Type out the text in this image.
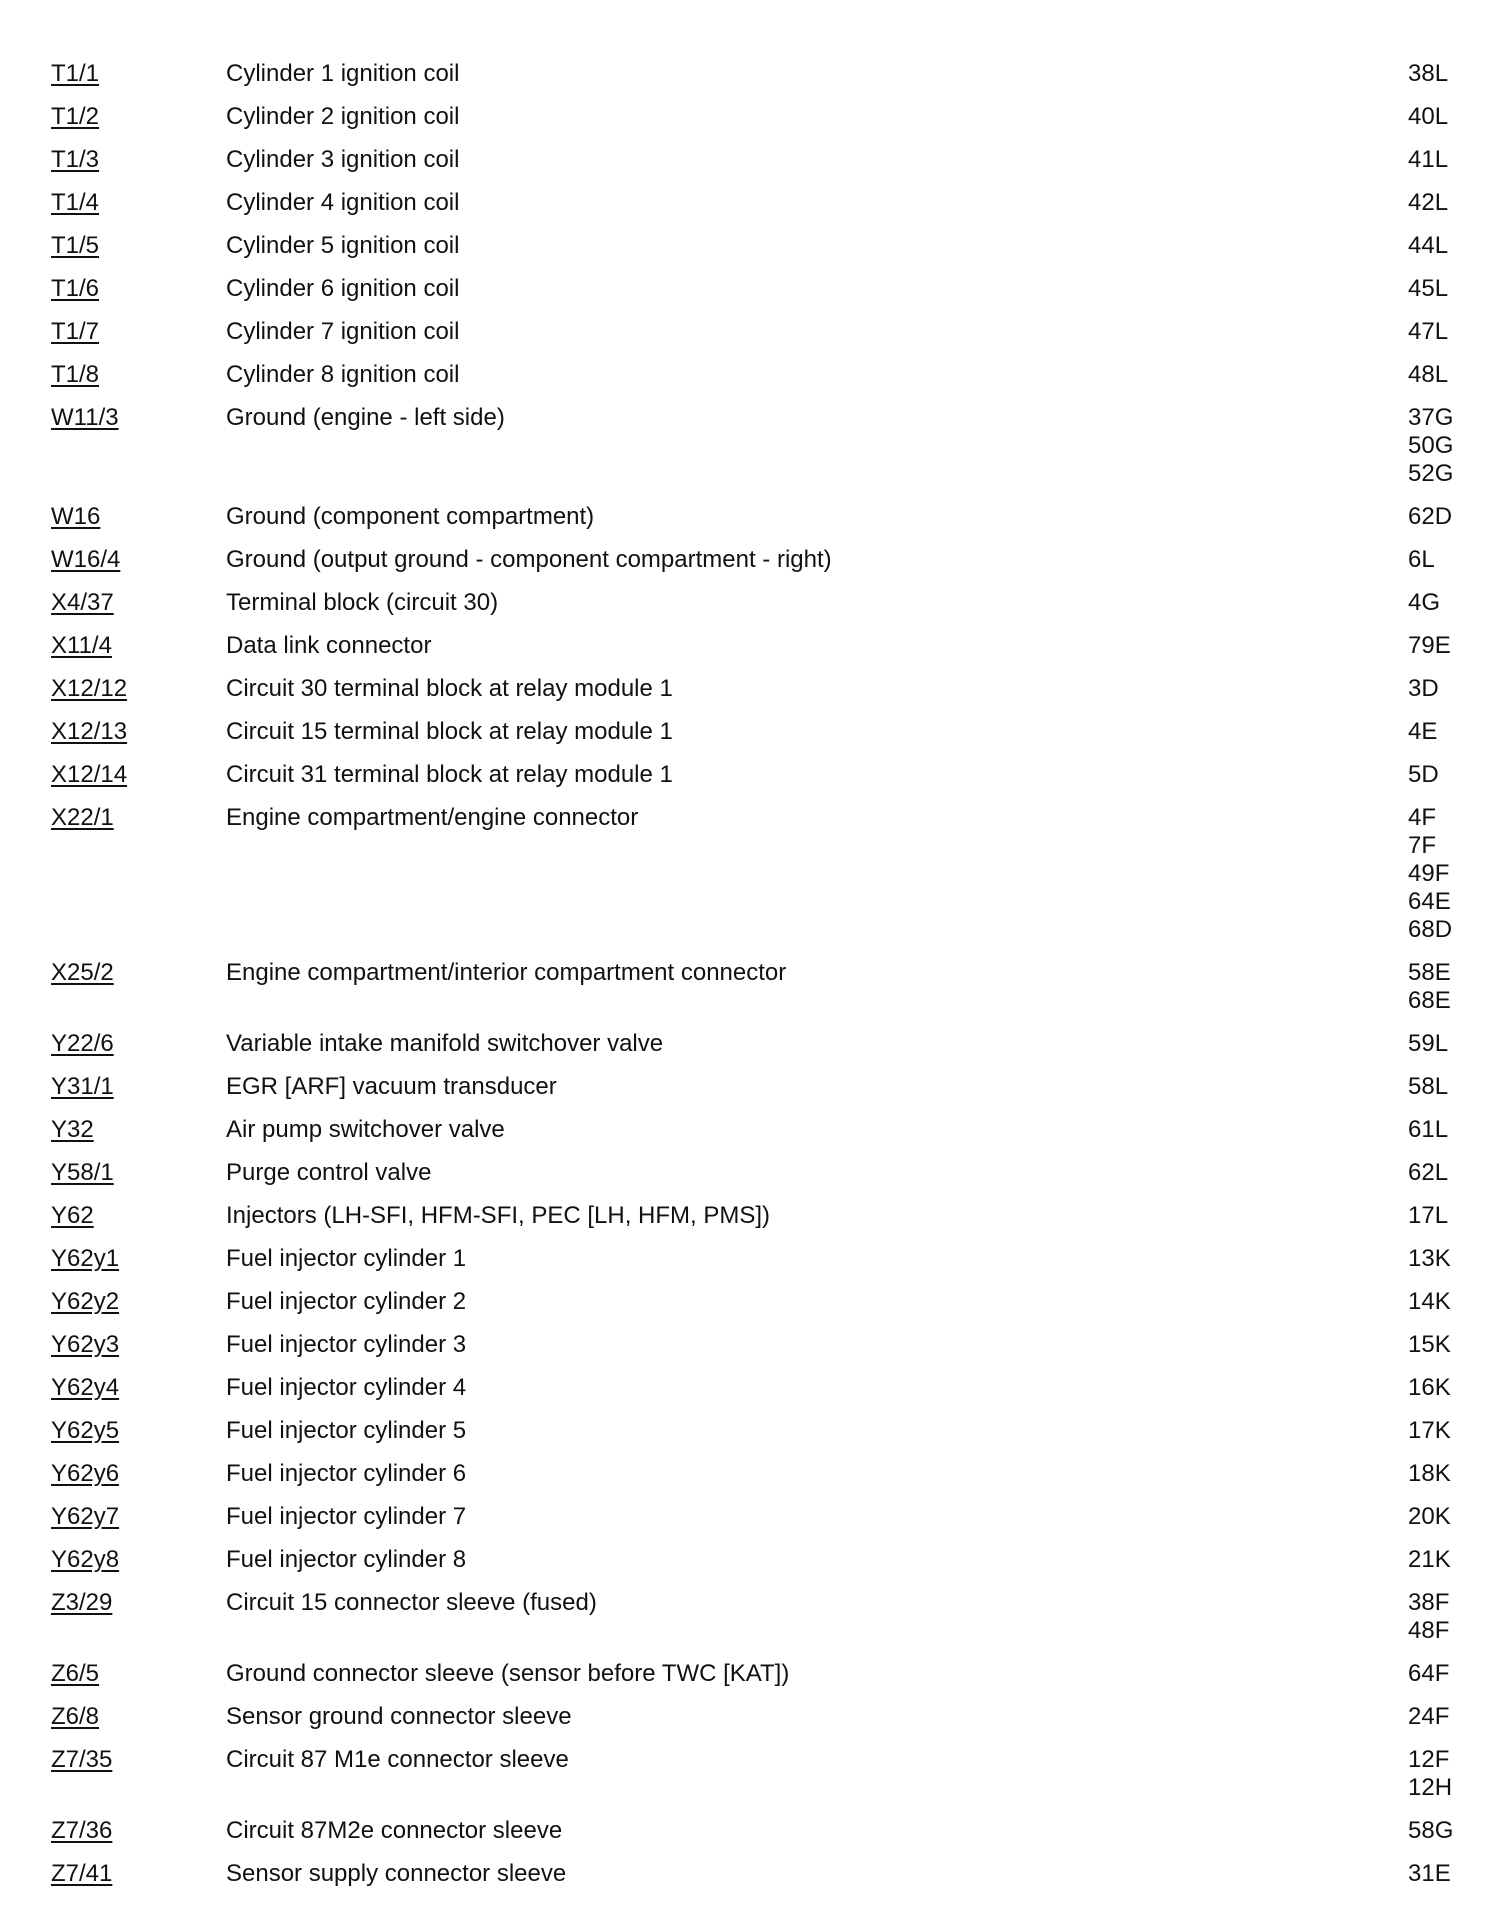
T1/1	Cylinder 1 ignition coil	38L
T1/2	Cylinder 2 ignition coil	40L
T1/3	Cylinder 3 ignition coil	41L
T1/4	Cylinder 4 ignition coil	42L
T1/5	Cylinder 5 ignition coil	44L
T1/6	Cylinder 6 ignition coil	45L
T1/7	Cylinder 7 ignition coil	47L
T1/8	Cylinder 8 ignition coil	48L
W11/3	Ground (engine - left side)	37G
50G
52G
W16	Ground (component compartment)	62D
W16/4	Ground (output ground - component compartment - right)	6L
X4/37	Terminal block (circuit 30)	4G
X11/4	Data link connector	79E
X12/12	Circuit 30 terminal block at relay module 1	3D
X12/13	Circuit 15 terminal block at relay module 1	4E
X12/14	Circuit 31 terminal block at relay module 1	5D
X22/1	Engine compartment/engine connector	4F
7F
49F
64E
68D
X25/2	Engine compartment/interior compartment connector	58E
68E
Y22/6	Variable intake manifold switchover valve	59L
Y31/1	EGR [ARF] vacuum transducer	58L
Y32	Air pump switchover valve	61L
Y58/1	Purge control valve	62L
Y62	Injectors (LH-SFI, HFM-SFI, PEC [LH, HFM, PMS])	17L
Y62y1	Fuel injector cylinder 1	13K
Y62y2	Fuel injector cylinder 2	14K
Y62y3	Fuel injector cylinder 3	15K
Y62y4	Fuel injector cylinder 4	16K
Y62y5	Fuel injector cylinder 5	17K
Y62y6	Fuel injector cylinder 6	18K
Y62y7	Fuel injector cylinder 7	20K
Y62y8	Fuel injector cylinder 8	21K
Z3/29	Circuit 15 connector sleeve (fused)	38F
48F
Z6/5	Ground connector sleeve (sensor before TWC [KAT])	64F
Z6/8	Sensor ground connector sleeve	24F
Z7/35	Circuit 87 M1e connector sleeve	12F
12H
Z7/36	Circuit 87M2e connector sleeve	58G
Z7/41	Sensor supply connector sleeve	31E
